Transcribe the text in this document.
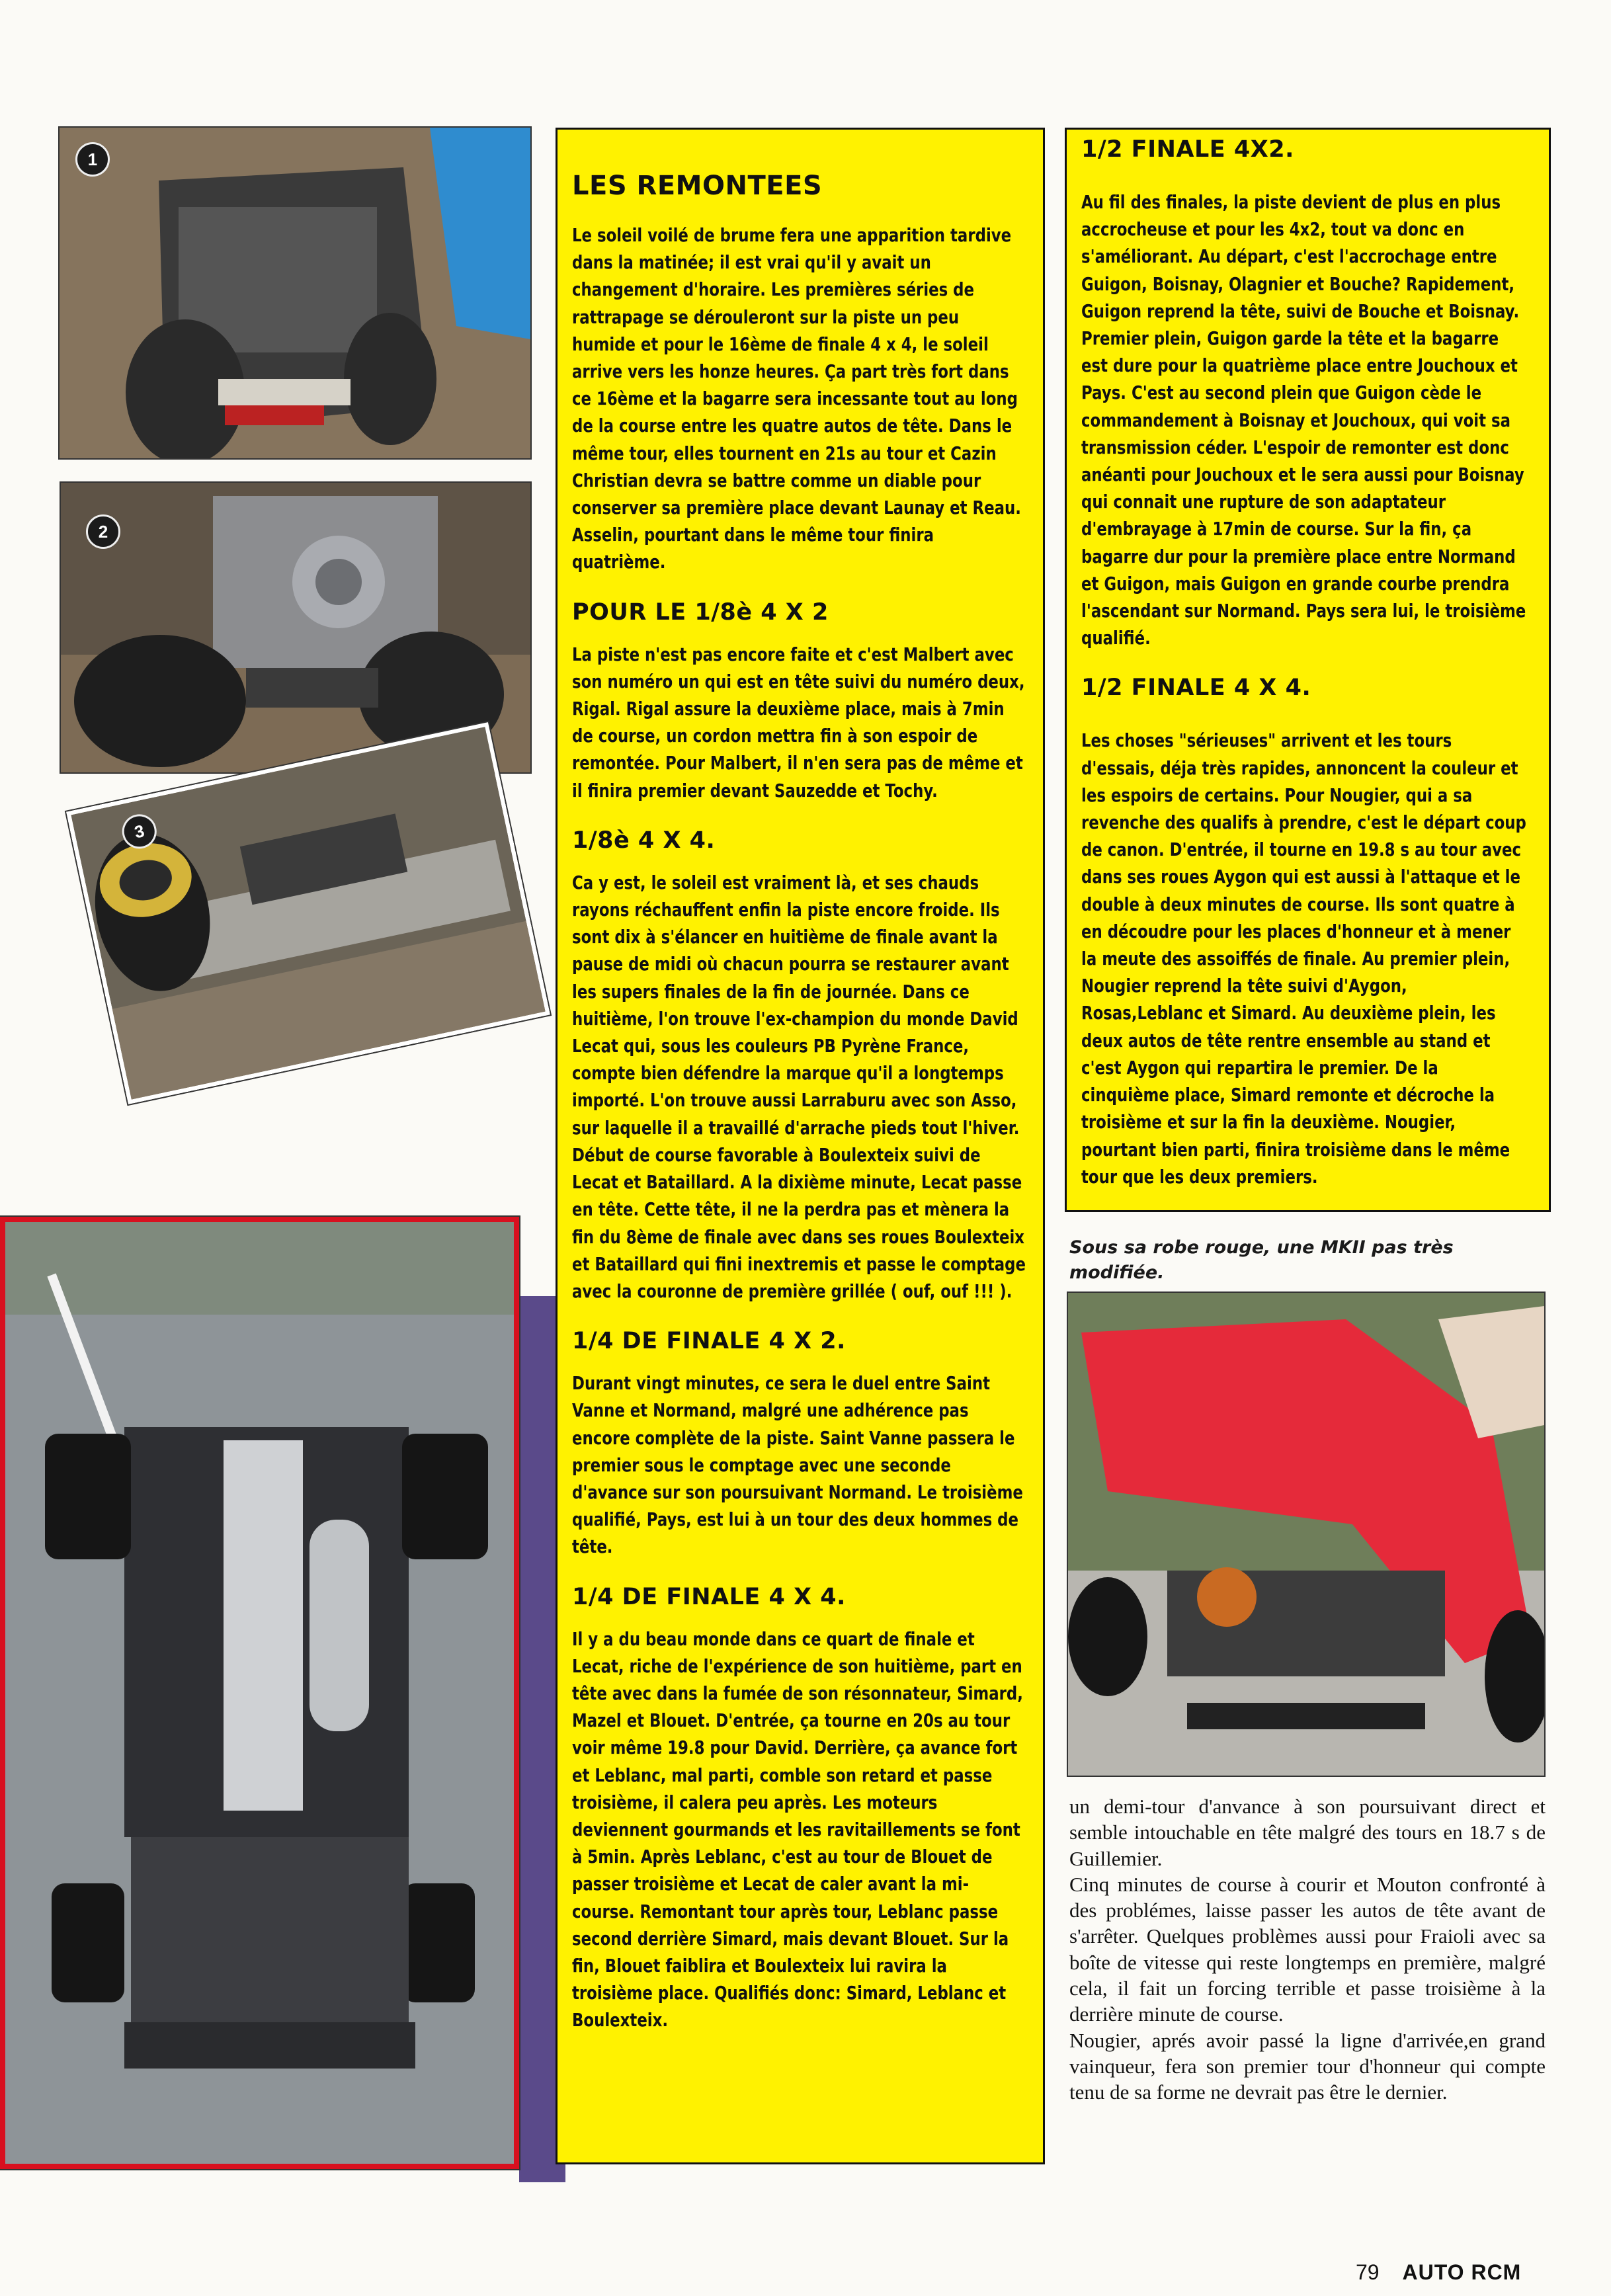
1
2
3
LES REMONTEES
Le soleil voilé de brume fera une apparition tardive dans la matinée; il est vrai qu'il y avait un changement d'horaire. Les premières séries de rattrapage se dérouleront sur la piste un peu humide et pour le 16ème de finale 4 x 4, le soleil arrive vers les honze heures. Ça part très fort dans ce 16ème et la bagarre sera incessante tout au long de la course entre les quatre autos de tête. Dans le même tour, elles tournent en 21s au tour et Cazin Christian devra se battre comme un diable pour conserver sa première place devant Launay et Reau. Asselin, pourtant dans le même tour finira quatrième.
POUR LE 1/8è 4 X 2
La piste n'est pas encore faite et c'est Malbert avec son numéro un qui est en tête suivi du numéro deux, Rigal. Rigal assure la deuxième place, mais à 7min de course, un cordon mettra fin à son espoir de remontée. Pour Malbert, il n'en sera pas de même et il finira premier devant Sauzedde et Tochy.
1/8è 4 X 4.
Ca y est, le soleil est vraiment là, et ses chauds rayons réchauffent enfin la piste encore froide. Ils sont dix à s'élancer en huitième de finale avant la pause de midi où chacun pourra se restaurer avant les supers finales de la fin de journée. Dans ce huitième, l'on trouve l'ex-champion du monde David Lecat qui, sous les couleurs PB Pyrène France, compte bien défendre la marque qu'il a longtemps importé. L'on trouve aussi Larraburu avec son Asso, sur laquelle il a travaillé d'arrache pieds tout l'hiver. Début de course favorable à Boulexteix suivi de Lecat et Bataillard. A la dixième minute, Lecat passe en tête. Cette tête, il ne la perdra pas et mènera la fin du 8ème de finale avec dans ses roues Boulexteix et Bataillard qui fini inextremis et passe le comptage avec la couronne de première grillée ( ouf, ouf !!! ).
1/4 DE FINALE 4 X 2.
Durant vingt minutes, ce sera le duel entre Saint Vanne et Normand, malgré une adhérence pas encore complète de la piste. Saint Vanne passera le premier sous le comptage avec une seconde d'avance sur son poursuivant Normand. Le troisième qualifié, Pays, est lui à un tour des deux hommes de tête.
1/4 DE FINALE 4 X 4.
Il y a du beau monde dans ce quart de finale et Lecat, riche de l'expérience de son huitième, part en tête avec dans la fumée de son résonnateur, Simard, Mazel et Blouet. D'entrée, ça tourne en 20s au tour voir même 19.8 pour David. Derrière, ça avance fort et Leblanc, mal parti, comble son retard et passe troisième, il calera peu après. Les moteurs deviennent gourmands et les ravitaillements se font à 5min. Après Leblanc, c'est au tour de Blouet de passer troisième et Lecat de caler avant la mi-course. Remontant tour après tour, Leblanc passe second derrière Simard, mais devant Blouet. Sur la fin, Blouet faiblira et Boulexteix lui ravira la troisième place. Qualifiés donc: Simard, Leblanc et Boulexteix.
1/2 FINALE 4X2.
Au fil des finales, la piste devient de plus en plus accrocheuse et pour les 4x2, tout va donc en s'améliorant. Au départ, c'est l'accrochage entre Guigon, Boisnay, Olagnier et Bouche? Rapidement, Guigon reprend la tête, suivi de Bouche et Boisnay. Premier plein, Guigon garde la tête et la bagarre est dure pour la quatrième place entre Jouchoux et Pays. C'est au second plein que Guigon cède le commandement à Boisnay et Jouchoux, qui voit sa transmission céder. L'espoir de remonter est donc anéanti pour Jouchoux et le sera aussi pour Boisnay qui connait une rupture de son adaptateur d'embrayage à 17min de course. Sur la fin, ça bagarre dur pour la première place entre Normand et Guigon, mais Guigon en grande courbe prendra l'ascendant sur Normand. Pays sera lui, le troisième qualifié.
1/2 FINALE 4 X 4.
Les choses "sérieuses" arrivent et les tours d'essais, déja très rapides, annoncent la couleur et les espoirs de certains. Pour Nougier, qui a sa revenche des qualifs à prendre, c'est le départ coup de canon. D'entrée, il tourne en 19.8 s au tour avec dans ses roues Aygon qui est aussi à l'attaque et le double à deux minutes de course. Ils sont quatre à en découdre pour les places d'honneur et à mener la meute des assoiffés de finale. Au premier plein, Nougier reprend la tête suivi d'Aygon, Rosas,Leblanc et Simard. Au deuxième plein, les deux autos de tête rentre ensemble au stand et c'est Aygon qui repartira le premier. De la cinquième place, Simard remonte et décroche la troisième et sur la fin la deuxième. Nougier, pourtant bien parti, finira troisième dans le même tour que les deux premiers.
Sous sa robe rouge, une MKII pas très modifiée.

un demi-tour d'anvance à son poursuivant direct et semble intouchable en tête malgré des tours en 18.7 s de Guillemier.

Cinq minutes de course à courir et Mouton confronté à des problémes, laisse passer les autos de tête avant de s'arrêter. Quelques problèmes aussi pour Fraioli avec sa boîte de vitesse qui reste longtemps en première, malgré cela, il fait un forcing terrible et passe troisième à la derrière minute de course.

Nougier, aprés avoir passé la ligne d'arrivée,en grand vainqueur, fera son premier tour d'honneur qui compte tenu de sa forme ne devrait pas être le dernier.

79 AUTO RCM
